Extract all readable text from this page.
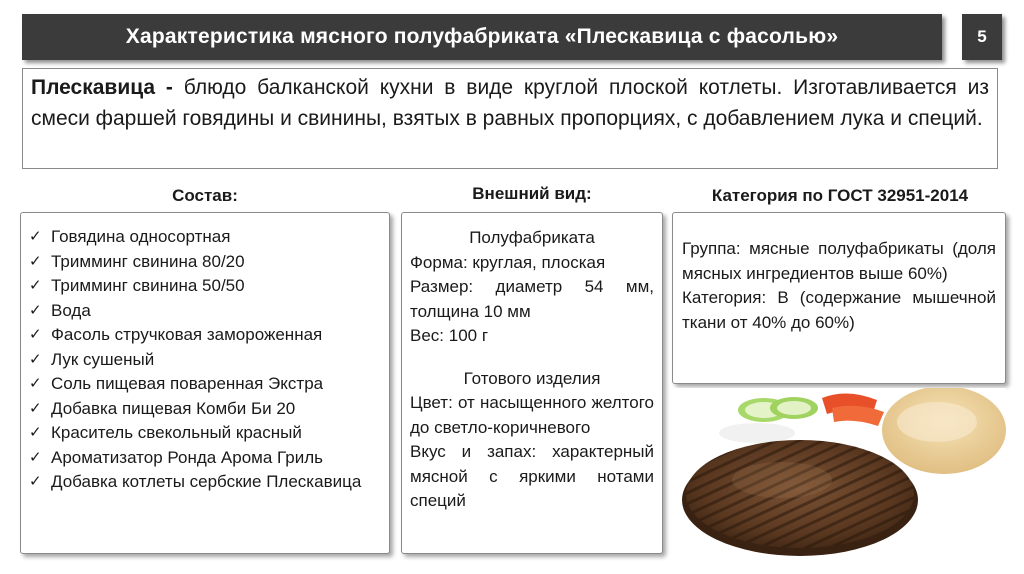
Характеристика мясного полуфабриката «Плескавица с фасолью»	5
Плескавица - блюдо балканской кухни в виде круглой плоской котлеты. Изготавливается из смеси фаршей говядины и свинины, взятых в равных пропорциях, с добавлением лука и специй.
Состав:	Внешний вид:	Категория по ГОСТ 32951-2014
✓ Говядина односортная
✓ Тримминг свинина 80/20
✓ Тримминг свинина 50/50
✓ Вода
✓ Фасоль стручковая замороженная
✓ Лук сушеный
✓ Соль пищевая поваренная Экстра
✓ Добавка пищевая Комби Би 20
✓ Краситель свекольный красный
✓ Ароматизатор Ронда Арома Гриль
✓ Добавка котлеты сербские Плескавица
Полуфабриката
Форма: круглая, плоская
Размер: диаметр 54 мм, толщина 10 мм
Вес: 100 г
Готового изделия
Цвет: от насыщенного желтого до светло-коричневого
Вкус и запах: характерный мясной с яркими нотами специй
Группа: мясные полуфабрикаты (доля мясных ингредиентов выше 60%)
Категория: В (содержание мышечной ткани от 40% до 60%)
